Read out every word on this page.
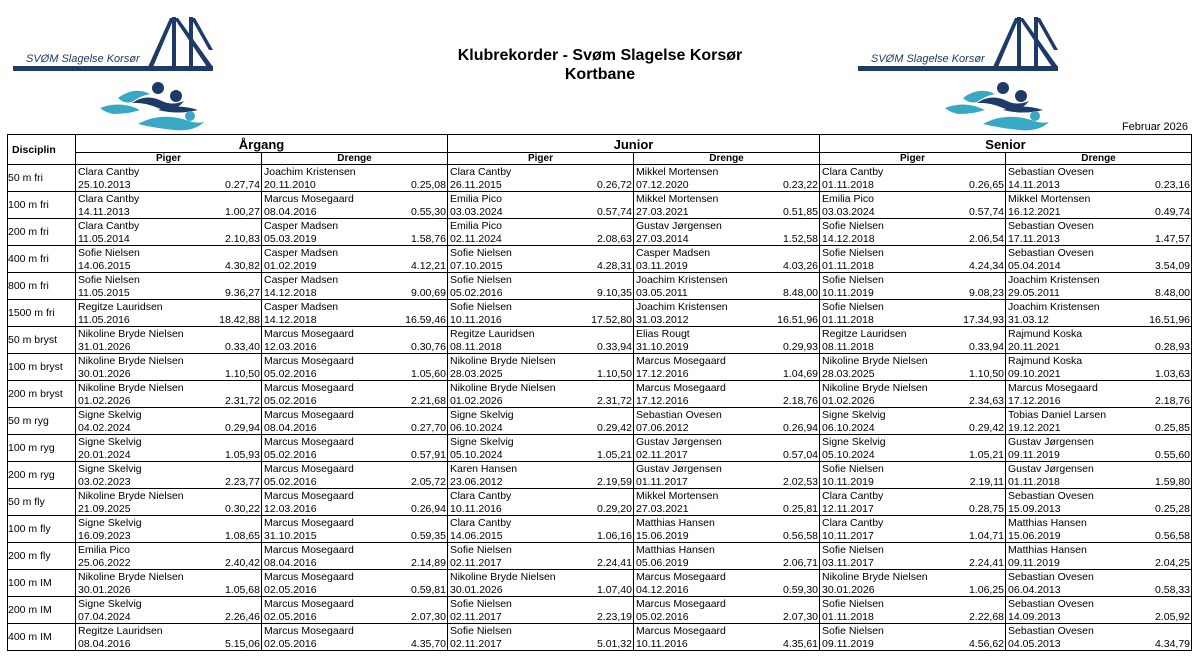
SVØM Slagelse Korsør	Klubrekorder - Svøm Slagelse Korsør
Kortbane
SVØM Slagelse Korsør
Februar 2026
Disciplin	Årgang		Junior		Senior	
	Piger	Drenge	Piger	Drenge	Piger	Drenge
50 m fri	Clara Cantby
25.10.2013 0.27,74	Joachim Kristensen
20.11.2010 0.25,08	Clara Cantby
26.11.2015 0.26,72	Mikkel Mortensen
07.12.2020 0.23,22	Clara Cantby
01.11.2018 0.26,65	Sebastian Ovesen
14.11.2013 0.23,16

100 m fri	Clara Cantby
14.11.2013 1.00,27	Marcus Mosegaard
08.04.2016 0.55,30	Emilia Pico
03.03.2024 0.57,74	Mikkel Mortensen
27.03.2021 0.51,85	Emilia Pico
03.03.2024 0.57,74	Mikkel Mortensen
16.12.2021 0.49,74

200 m fri	Clara Cantby
11.05.2014 2.10,83	Casper Madsen
05.03.2019 1.58,76	Emilia Pico
02.11.2024 2.08,63	Gustav Jørgensen
27.03.2014 1.52,58	Sofie Nielsen
14.12.2018 2.06,54	Sebastian Ovesen
17.11.2013 1.47,57

400 m fri	Sofie Nielsen
14.06.2015 4.30,82	Casper Madsen
01.02.2019 4.12,21	Sofie Nielsen
07.10.2015 4.28,31	Casper Madsen
03.11.2019 4.03,26	Sofie Nielsen
01.11.2018 4.24,34	Sebastian Ovesen
05.04.2014 3.54,09

800 m fri	Sofie Nielsen
11.05.2015 9.36,27	Casper Madsen
14.12.2018 9.00,69	Sofie Nielsen
05.02.2016 9.10,35	Joachim Kristensen
03.05.2011 8.48,00	Sofie Nielsen
10.11.2019 9.08,23	Joachim Kristensen
29.05.2011 8.48,00

1500 m fri	Regitze Lauridsen
11.05.2016 18.42,88	Casper Madsen
14.12.2018 16.59,46	Sofie Nielsen
10.11.2016 17.52,80	Joachim Kristensen
31.03.2012 16.51,96	Sofie Nielsen
01.11.2018 17.34,93	Joachim Kristensen
31.03.12 16.51,96

50 m bryst	Nikoline Bryde Nielsen
31.01.2026 0.33,40	Marcus Mosegaard
12.03.2016 0.30,76	Regitze Lauridsen
08.11.2018 0.33,94	Elias Rougt
31.10.2019 0.29,93	Regitze Lauridsen
08.11.2018 0.33,94	Rajmund Koska
20.11.2021 0.28,93

100 m bryst	Nikoline Bryde Nielsen
30.01.2026 1.10,50	Marcus Mosegaard
05.02.2016 1.05,60	Nikoline Bryde Nielsen
28.03.2025 1.10,50	Marcus Mosegaard
17.12.2016 1.04,69	Nikoline Bryde Nielsen
28.03.2025 1.10,50	Rajmund Koska
09.10.2021 1.03,63

200 m bryst	Nikoline Bryde Nielsen
01.02.2026 2.31,72	Marcus Mosegaard
05.02.2016 2.21,68	Nikoline Bryde Nielsen
01.02.2026 2.31,72	Marcus Mosegaard
17.12.2016 2.18,76	Nikoline Bryde Nielsen
01.02.2026 2.34,63	Marcus Mosegaard
17.12.2016 2.18,76

50 m ryg	Signe Skelvig
04.02.2024 0.29,94	Marcus Mosegaard
08.04.2016 0.27,70	Signe Skelvig
06.10.2024 0.29,42	Sebastian Ovesen
07.06.2012 0.26,94	Signe Skelvig
06.10.2024 0.29,42	Tobias Daniel Larsen
19.12.2021 0.25,85

100 m ryg	Signe Skelvig
20.01.2024 1.05,93	Marcus Mosegaard
05.02.2016 0.57,91	Signe Skelvig
05.10.2024 1.05,21	Gustav Jørgensen
02.11.2017 0.57,04	Signe Skelvig
05.10.2024 1.05,21	Gustav Jørgensen
09.11.2019 0.55,60

200 m ryg	Signe Skelvig
03.02.2023 2.23,77	Marcus Mosegaard
05.02.2016 2.05,72	Karen Hansen
23.06.2012 2.19,59	Gustav Jørgensen
01.11.2017 2.02,53	Sofie Nielsen
10.11.2019 2.19,11	Gustav Jørgensen
01.11.2018 1.59,80

50 m fly	Nikoline Bryde Nielsen
21.09.2025 0.30,22	Marcus Mosegaard
12.03.2016 0.26,94	Clara Cantby
10.11.2016 0.29,20	Mikkel Mortensen
27.03.2021 0.25,81	Clara Cantby
12.11.2017 0.28,75	Sebastian Ovesen
15.09.2013 0.25,28

100 m fly	Signe Skelvig
16.09.2023 1.08,65	Marcus Mosegaard
31.10.2015 0.59,35	Clara Cantby
14.06.2015 1.06,16	Matthias Hansen
15.06.2019 0.56,58	Clara Cantby
10.11.2017 1.04,71	Matthias Hansen
15.06.2019 0.56,58

200 m fly	Emilia Pico
25.06.2022 2.40,42	Marcus Mosegaard
08.04.2016 2.14,89	Sofie Nielsen
02.11.2017 2.24,41	Matthias Hansen
05.06.2019 2.06,71	Sofie Nielsen
03.11.2017 2.24,41	Matthias Hansen
09.11.2019 2.04,25

100 m IM	Nikoline Bryde Nielsen
30.01.2026 1.05,68	Marcus Mosegaard
02.05.2016 0.59,81	Nikoline Bryde Nielsen
30.01.2026 1.07,40	Marcus Mosegaard
04.12.2016 0.59,30	Nikoline Bryde Nielsen
30.01.2026 1.06,25	Sebastian Ovesen
06.04.2013 0.58,33

200 m IM	Signe Skelvig
07.04.2024 2.26,46	Marcus Mosegaard
02.05.2016 2.07,30	Sofie Nielsen
02.11.2017 2.23,19	Marcus Mosegaard
05.02.2016 2.07,30	Sofie Nielsen
01.11.2018 2.22,68	Sebastian Ovesen
14.09.2013 2.05,92

400 m IM	Regitze Lauridsen
08.04.2016 5.15,06	Marcus Mosegaard
02.05.2016 4.35,70	Sofie Nielsen
02.11.2017 5.01,32	Marcus Mosegaard
10.11.2016 4.35,61	Sofie Nielsen
09.11.2019 4.56,62	Sebastian Ovesen
04.05.2013 4.34,79
